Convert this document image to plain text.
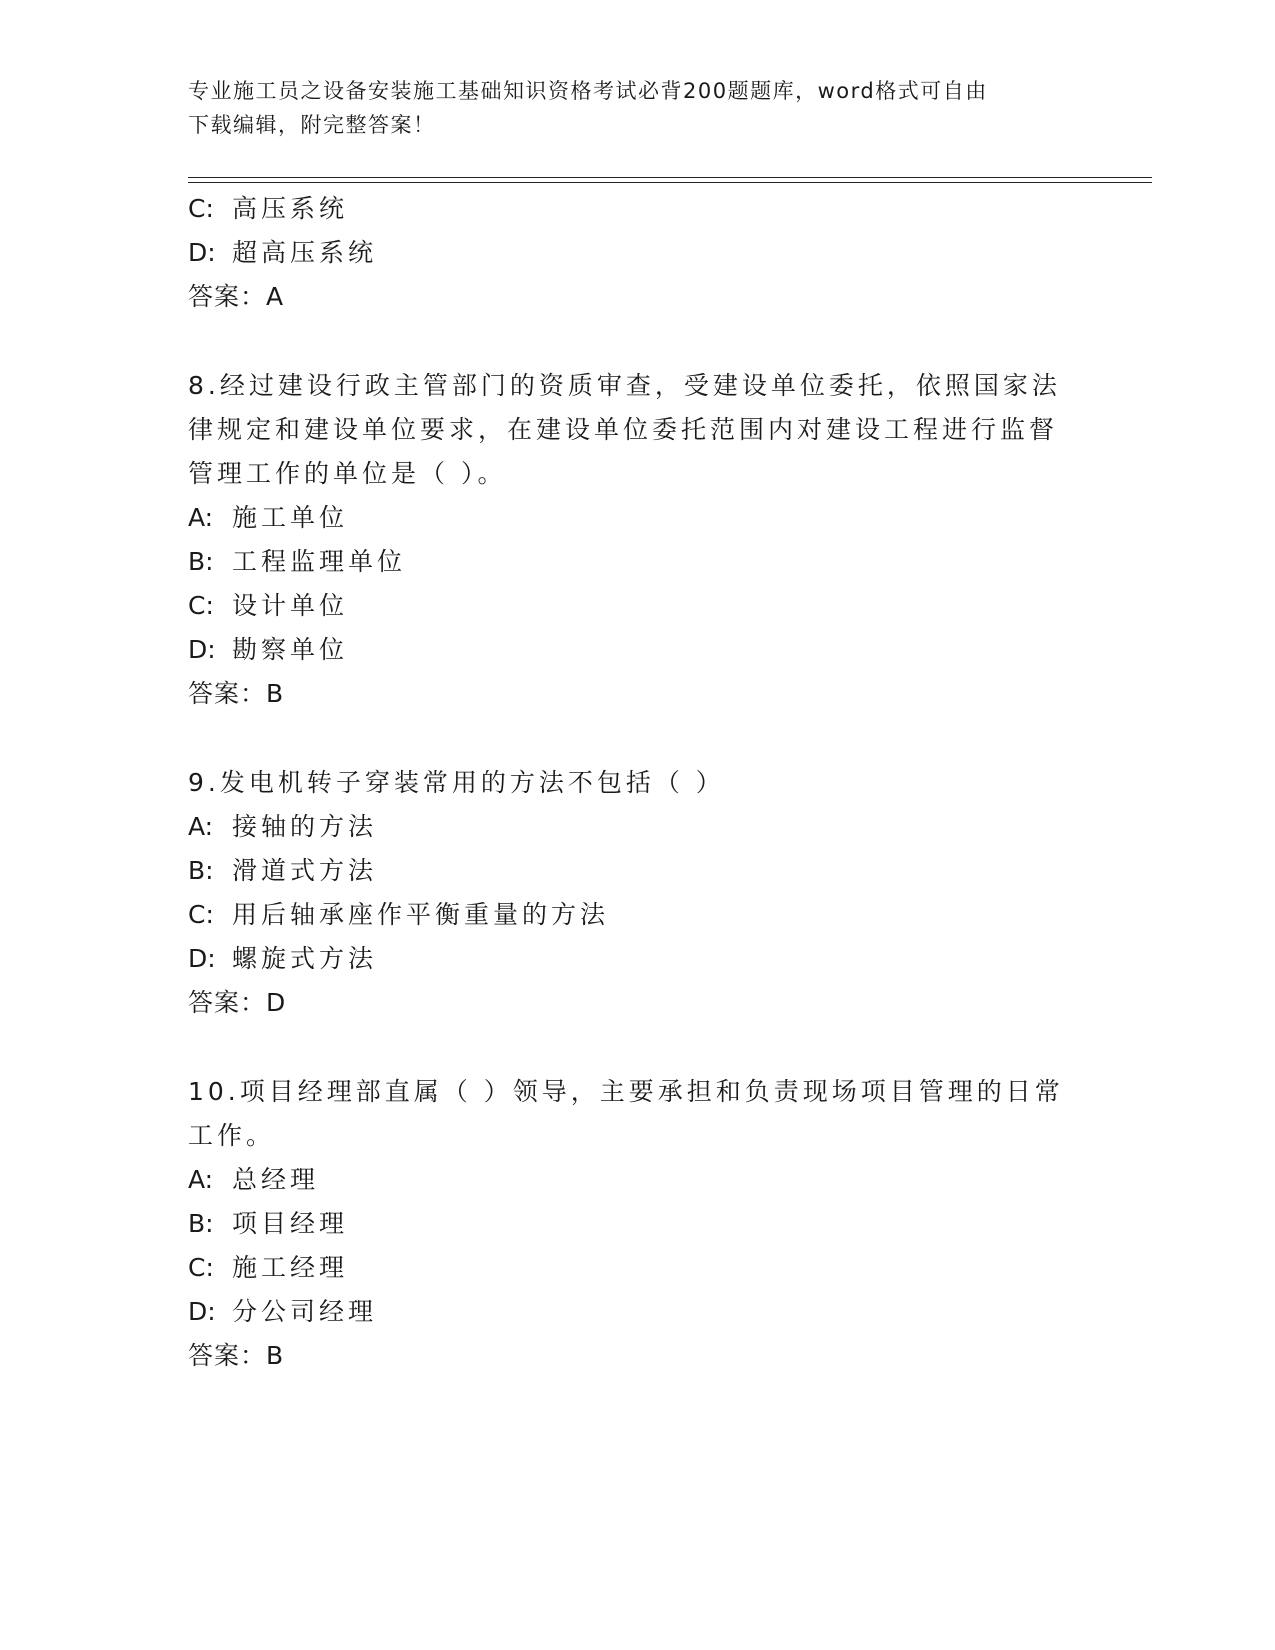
专业施工员之设备安装施工基础知识资格考试必背200题题库，word格式可自由
下载编辑，附完整答案！
C: 高压系统
D: 超高压系统
答案：A
8.经过建设行政主管部门的资质审查，受建设单位委托，依照国家法
律规定和建设单位要求，在建设单位委托范围内对建设工程进行监督
管理工作的单位是（ ）。
A: 施工单位
B: 工程监理单位
C: 设计单位
D: 勘察单位
答案：B
9.发电机转子穿装常用的方法不包括（ ）
A: 接轴的方法
B: 滑道式方法
C: 用后轴承座作平衡重量的方法
D: 螺旋式方法
答案：D
10.项目经理部直属（ ）领导，主要承担和负责现场项目管理的日常
工作。
A: 总经理
B: 项目经理
C: 施工经理
D: 分公司经理
答案：B
